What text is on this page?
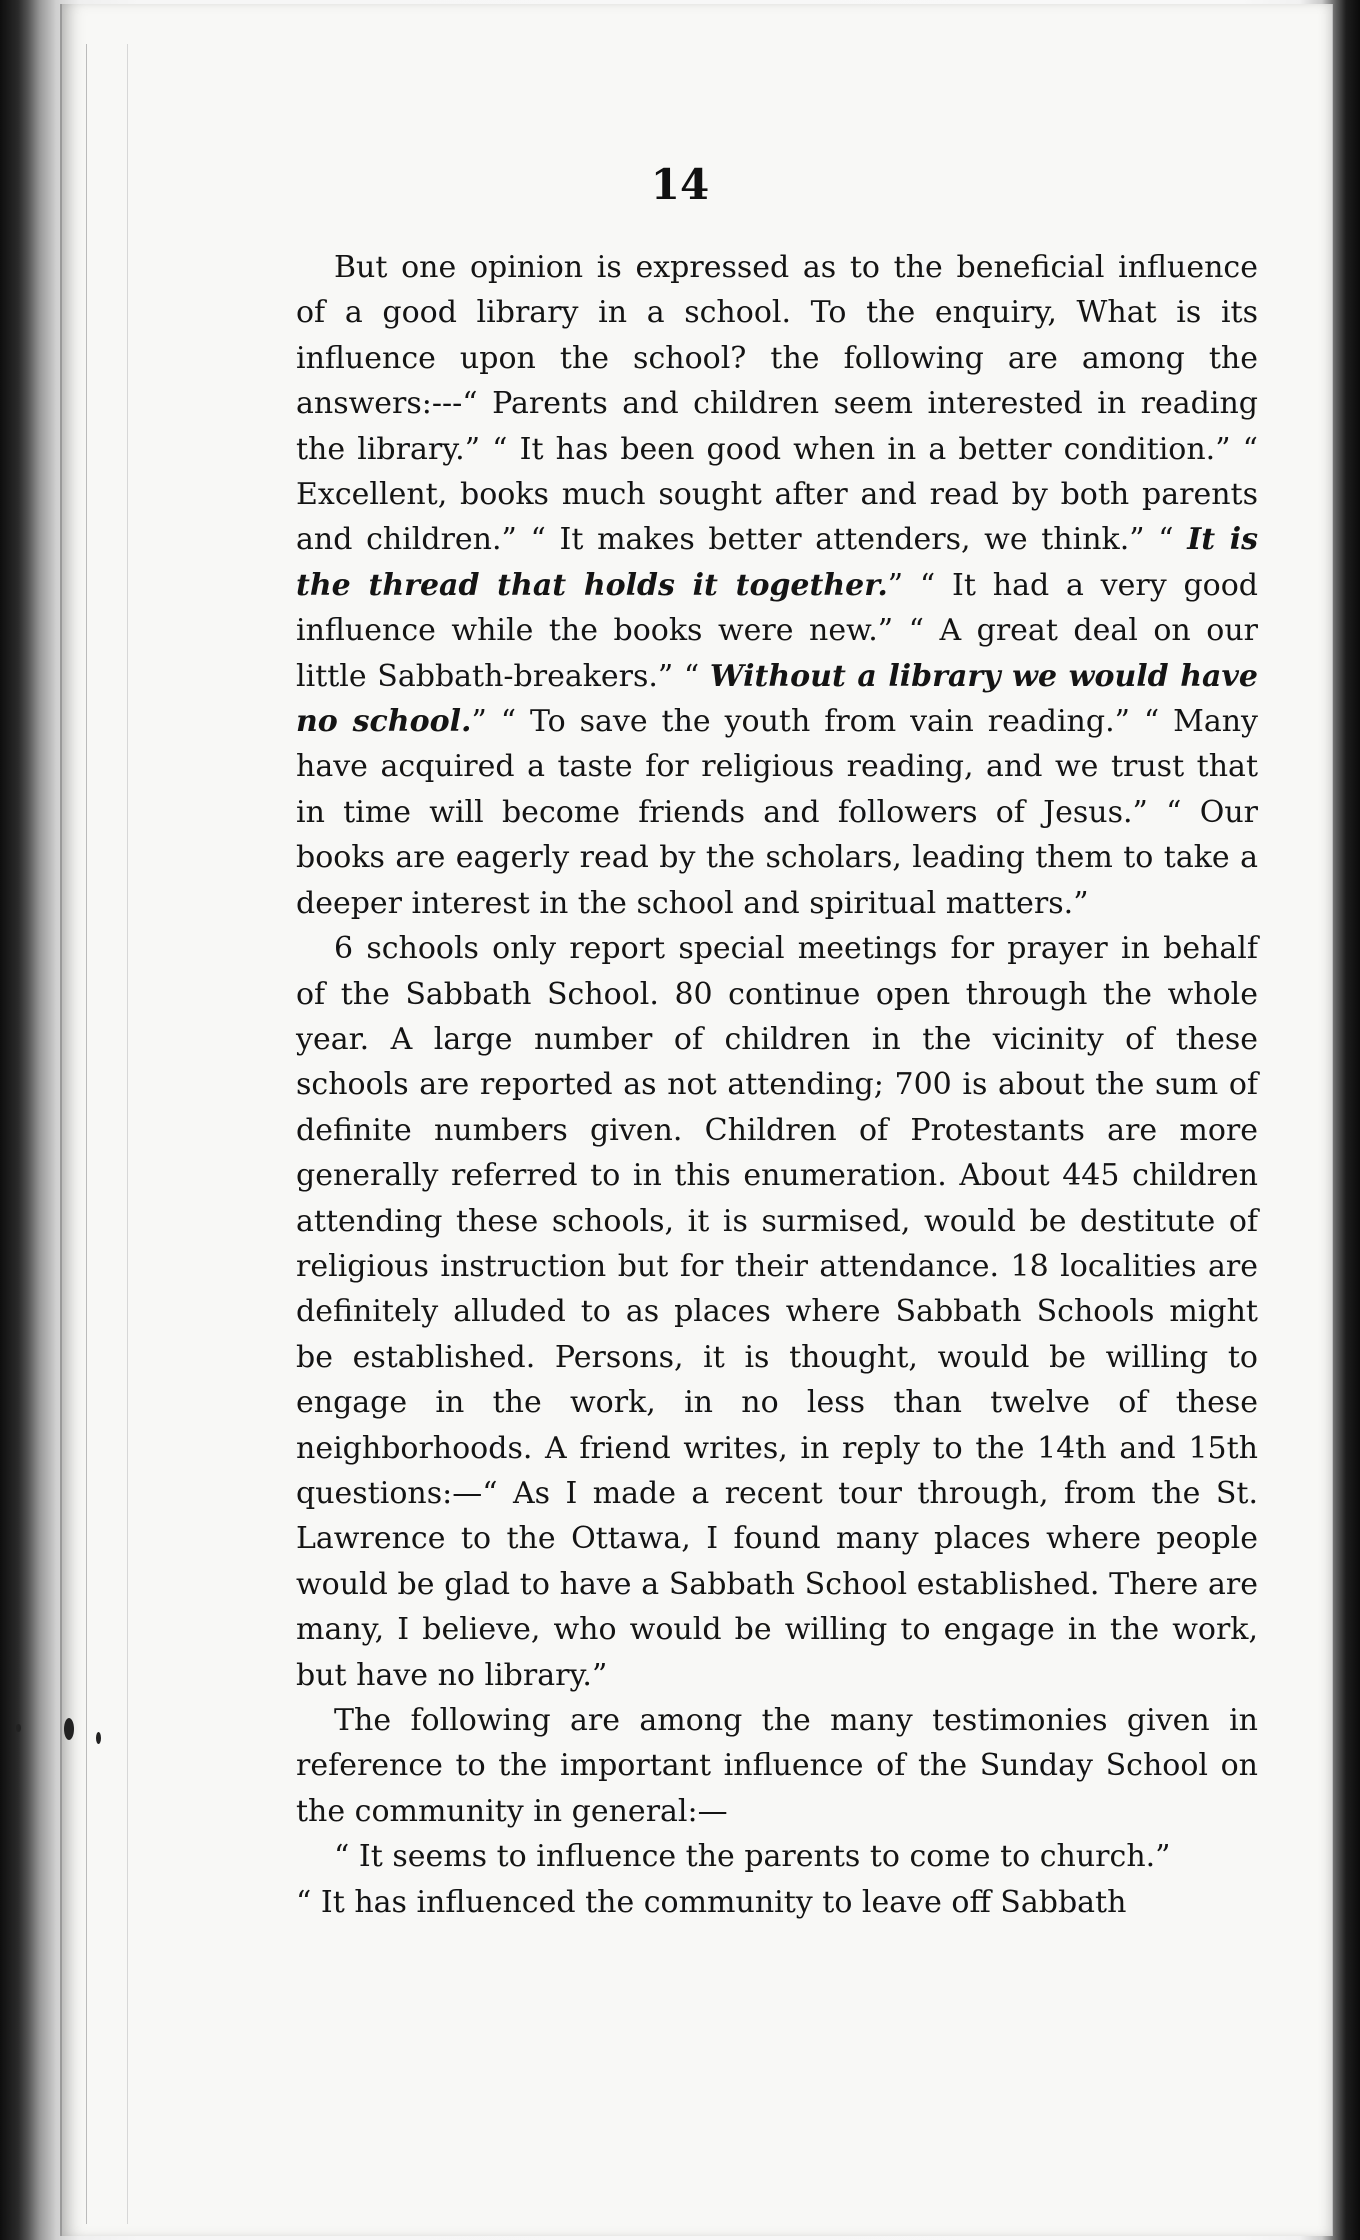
14

But one opinion is expressed as to the beneficial influence of a good library in a school. To the enquiry, What is its influence upon the school? the following are among the answers:---“ Parents and children seem interested in reading the library.” “ It has been good when in a better condition.” “ Excellent, books much sought after and read by both parents and children.” “ It makes better attenders, we think.” “ It is the thread that holds it together.” “ It had a very good influence while the books were new.” “ A great deal on our little Sabbath-breakers.” “ Without a library we would have no school.” “ To save the youth from vain reading.” “ Many have acquired a taste for religious reading, and we trust that in time will become friends and followers of Jesus.” “ Our books are eagerly read by the scholars, leading them to take a deeper interest in the school and spiritual matters.”

6 schools only report special meetings for prayer in behalf of the Sabbath School. 80 continue open through the whole year. A large number of children in the vicinity of these schools are reported as not attending; 700 is about the sum of definite numbers given. Children of Protestants are more generally referred to in this enumeration. About 445 children attending these schools, it is surmised, would be destitute of religious instruction but for their attendance. 18 localities are definitely alluded to as places where Sabbath Schools might be established. Persons, it is thought, would be willing to engage in the work, in no less than twelve of these neighborhoods. A friend writes, in reply to the 14th and 15th questions:—“ As I made a recent tour through, from the St. Lawrence to the Ottawa, I found many places where people would be glad to have a Sabbath School established. There are many, I believe, who would be willing to engage in the work, but have no library.”

The following are among the many testimonies given in reference to the important influence of the Sunday School on the community in general:—

“ It seems to influence the parents to come to church.”

“ It has influenced the community to leave off Sabbath
